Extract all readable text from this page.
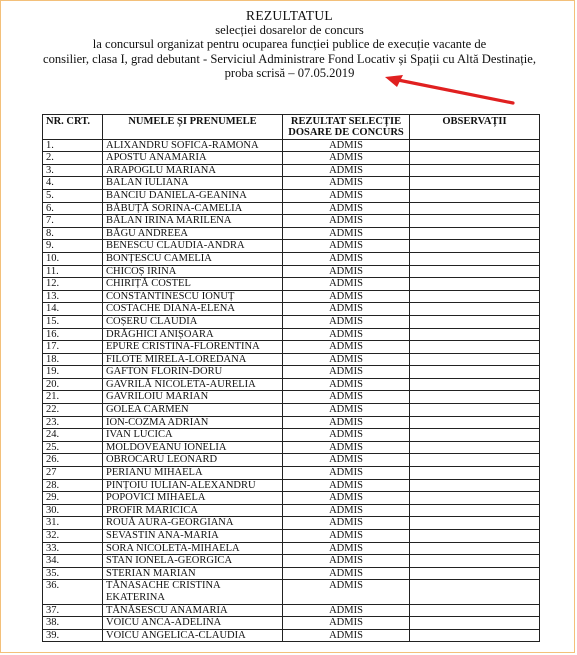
REZULTATUL
selecției dosarelor de concurs
la concursul organizat pentru ocuparea funcției publice de execuție vacante de
consilier, clasa I, grad debutant - Serviciul Administrare Fond Locativ și Spații cu Altă Destinație,
proba scrisă – 07.05.2019
NR. CRT.	NUMELE ȘI PRENUMELE	REZULTAT SELECȚIE DOSARE DE CONCURS	OBSERVAȚII
1.	ALIXANDRU SOFICA-RAMONA	ADMIS	
2.	APOSTU ANAMARIA	ADMIS	
3.	ARAPOGLU MARIANA	ADMIS	
4.	BALAN IULIANA	ADMIS	
5.	BANCIU DANIELA-GEANINA	ADMIS	
6.	BĂBUȚĂ SORINA-CAMELIA	ADMIS	
7.	BĂLAN IRINA MARILENA	ADMIS	
8.	BĂGU ANDREEA	ADMIS	
9.	BENESCU CLAUDIA-ANDRA	ADMIS	
10.	BONȚESCU CAMELIA	ADMIS	
11.	CHICOȘ IRINA	ADMIS	
12.	CHIRIȚĂ COSTEL	ADMIS	
13.	CONSTANTINESCU IONUȚ	ADMIS	
14.	COSTACHE DIANA-ELENA	ADMIS	
15.	COȘERU CLAUDIA	ADMIS	
16.	DRĂGHICI ANIȘOARA	ADMIS	
17.	EPURE CRISTINA-FLORENTINA	ADMIS	
18.	FILOTE MIRELA-LOREDANA	ADMIS	
19.	GAFTON FLORIN-DORU	ADMIS	
20.	GAVRILĂ NICOLETA-AURELIA	ADMIS	
21.	GAVRILOIU MARIAN	ADMIS	
22.	GOLEA CARMEN	ADMIS	
23.	ION-COZMA ADRIAN	ADMIS	
24.	IVAN LUCICA	ADMIS	
25.	MOLDOVEANU IONELIA	ADMIS	
26.	OBROCARU LEONARD	ADMIS	
27	PERIANU MIHAELA	ADMIS	
28.	PINȚOIU IULIAN-ALEXANDRU	ADMIS	
29.	POPOVICI MIHAELA	ADMIS	
30.	PROFIR MARICICA	ADMIS	
31.	ROUĂ AURA-GEORGIANA	ADMIS	
32.	SEVASTIN ANA-MARIA	ADMIS	
33.	SORA NICOLETA-MIHAELA	ADMIS	
34.	STAN IONELA-GEORGICA	ADMIS	
35.	STERIAN MARIAN	ADMIS	
36.	TĂNASACHE CRISTINA EKATERINA	ADMIS	
37.	TĂNĂSESCU ANAMARIA	ADMIS	
38.	VOICU ANCA-ADELINA	ADMIS	
39.	VOICU ANGELICA-CLAUDIA	ADMIS	
